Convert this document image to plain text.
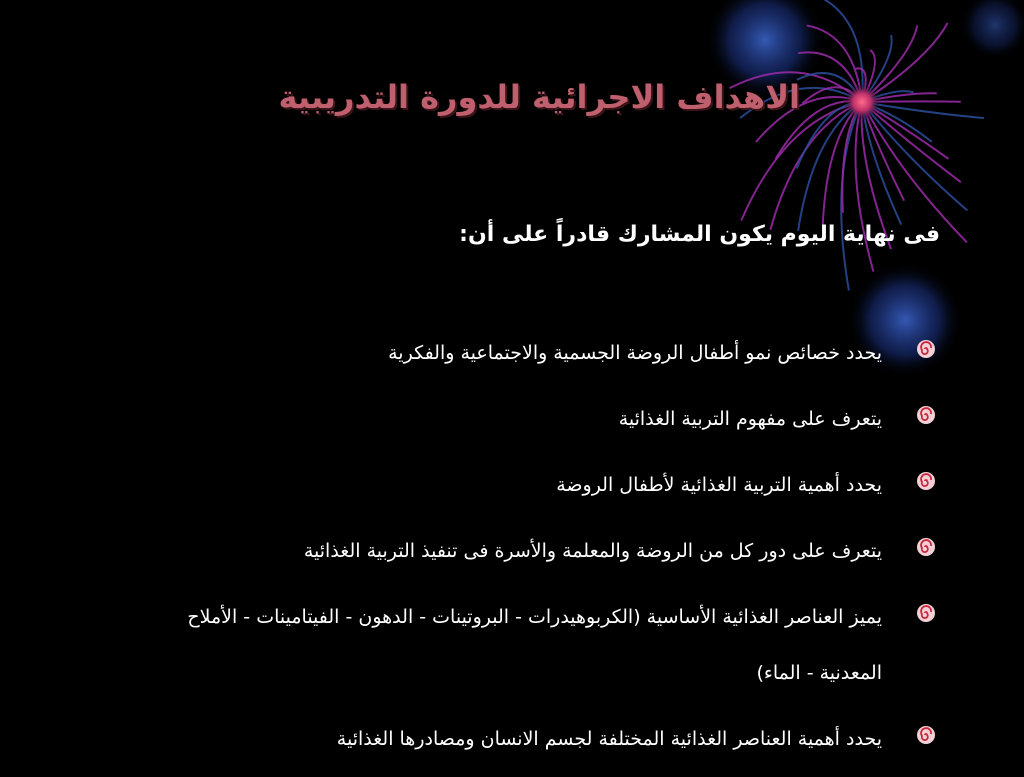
الاهداف الاجرائية للدورة التدريبية
فى نهاية اليوم يكون المشارك قادراً على أن:
يحدد خصائص نمو أطفال الروضة الجسمية والاجتماعية والفكرية
يتعرف على مفهوم التربية الغذائية
يحدد أهمية التربية الغذائية لأطفال الروضة
يتعرف على دور كل من الروضة والمعلمة والأسرة فى تنفيذ التربية الغذائية
يميز العناصر الغذائية الأساسية (الكربوهيدرات - البروتينات - الدهون - الفيتامينات - الأملاح المعدنية - الماء)
يحدد أهمية العناصر الغذائية المختلفة لجسم الانسان ومصادرها الغذائية
